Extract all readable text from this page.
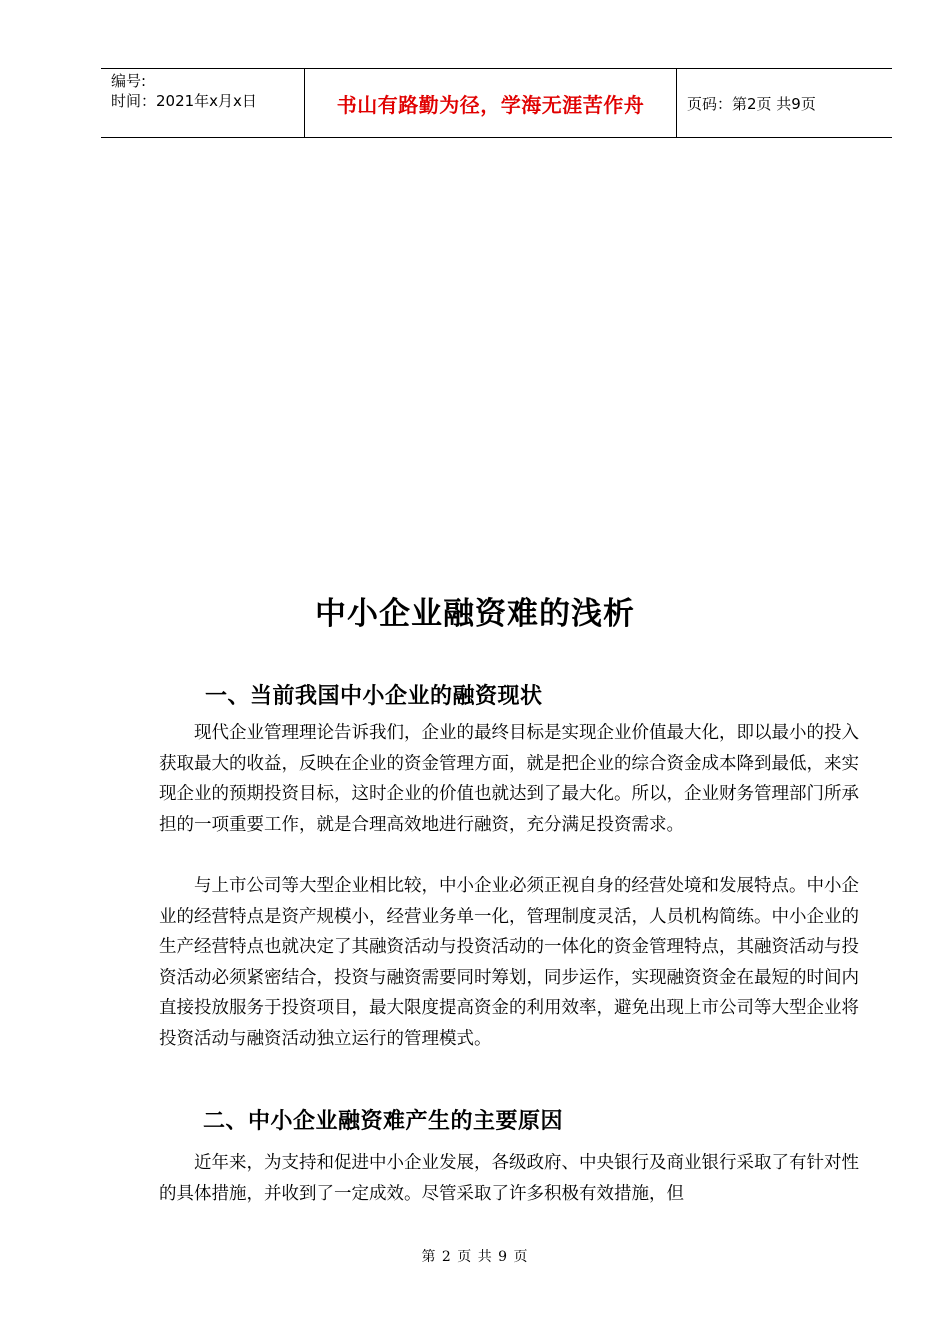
编号:
时间：2021年x月x日	书山有路勤为径，学海无涯苦作舟	页码：第2页 共9页
中小企业融资难的浅析
一、当前我国中小企业的融资现状
现代企业管理理论告诉我们，企业的最终目标是实现企业价值最大化，即以最小的投入获取最大的收益，反映在企业的资金管理方面，就是把企业的综合资金成本降到最低，来实现企业的预期投资目标，这时企业的价值也就达到了最大化。所以，企业财务管理部门所承担的一项重要工作，就是合理高效地进行融资，充分满足投资需求。
与上市公司等大型企业相比较，中小企业必须正视自身的经营处境和发展特点。中小企业的经营特点是资产规模小，经营业务单一化，管理制度灵活，人员机构简练。中小企业的生产经营特点也就决定了其融资活动与投资活动的一体化的资金管理特点，其融资活动与投资活动必须紧密结合，投资与融资需要同时筹划，同步运作，实现融资资金在最短的时间内直接投放服务于投资项目，最大限度提高资金的利用效率，避免出现上市公司等大型企业将投资活动与融资活动独立运行的管理模式。
二、中小企业融资难产生的主要原因
近年来，为支持和促进中小企业发展，各级政府、中央银行及商业银行采取了有针对性的具体措施，并收到了一定成效。尽管采取了许多积极有效措施，但
第 2 页 共 9 页
